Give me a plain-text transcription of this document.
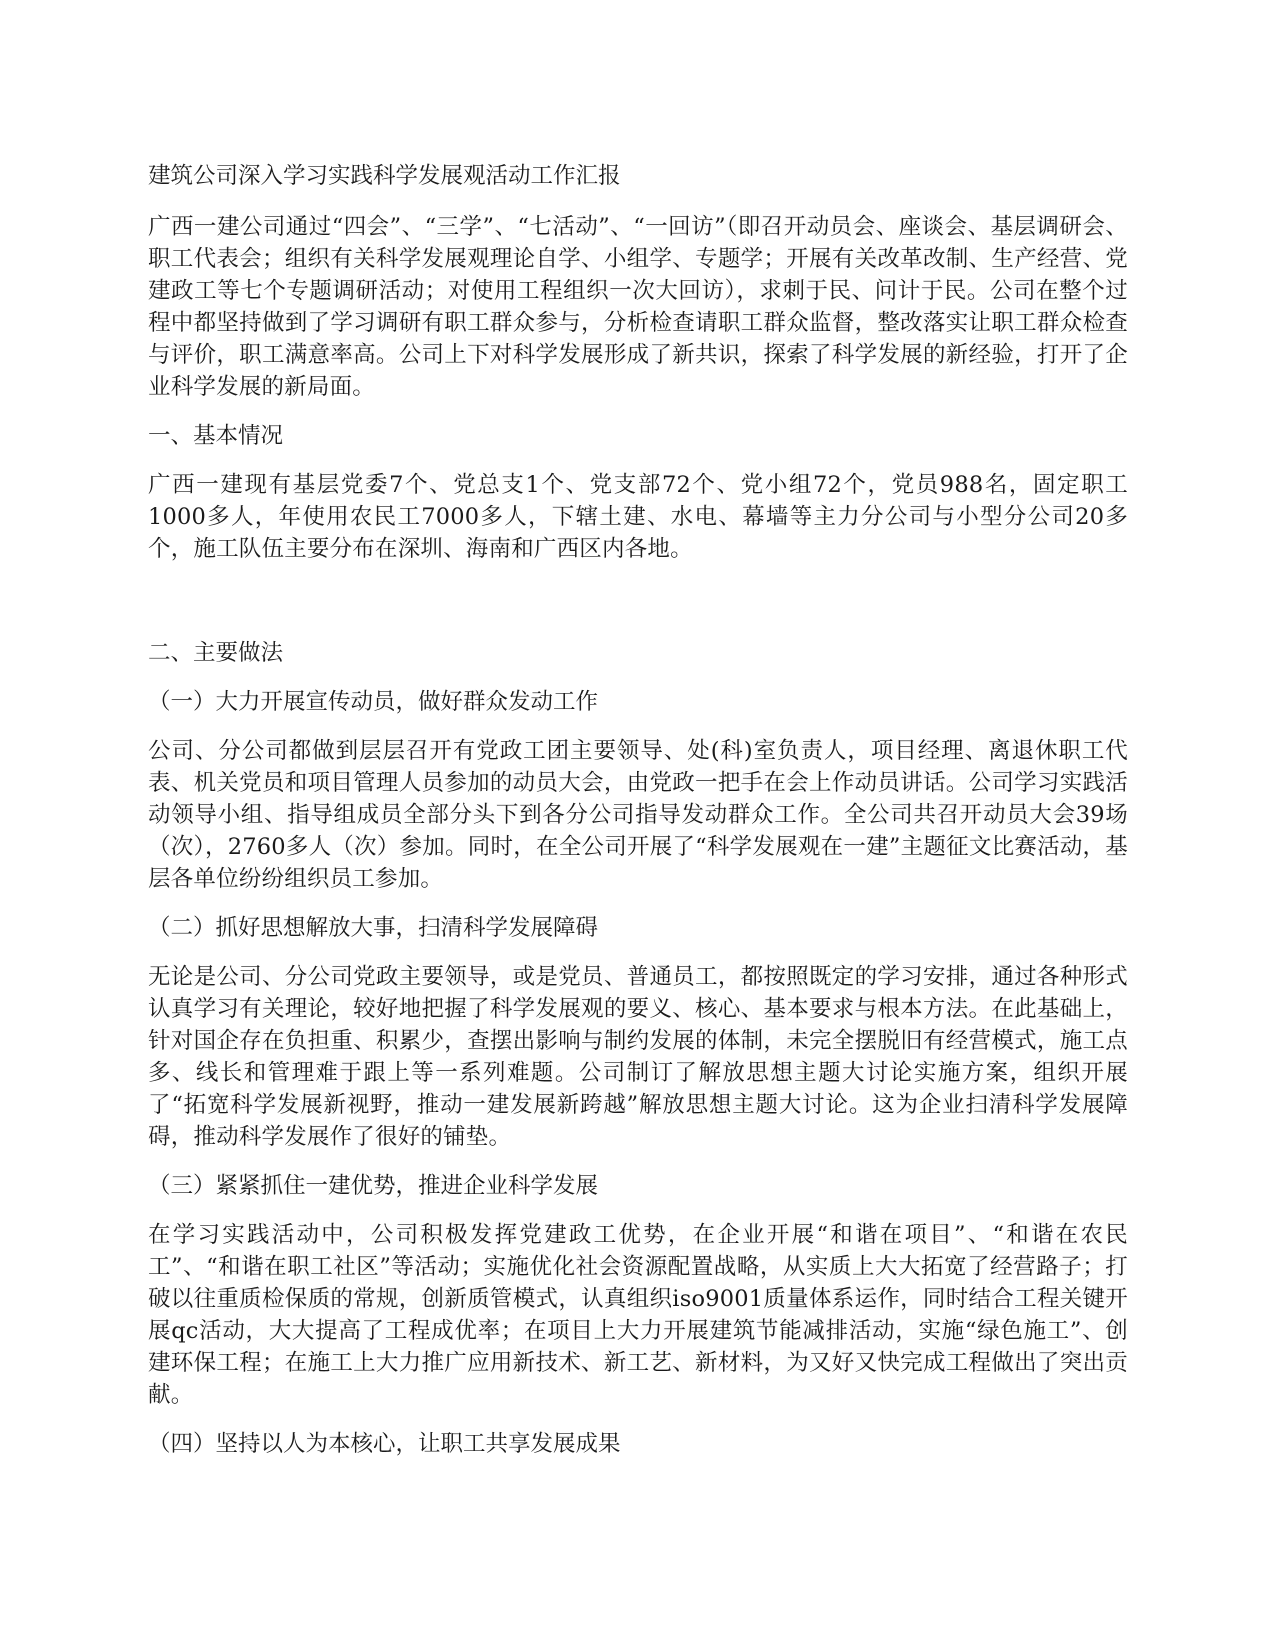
建筑公司深入学习实践科学发展观活动工作汇报

广西一建公司通过“四会”、“三学”、“七活动”、“一回访”（即召开动员会、座谈会、基层调研会、职工代表会；组织有关科学发展观理论自学、小组学、专题学；开展有关改革改制、生产经营、党建政工等七个专题调研活动；对使用工程组织一次大回访），求刺于民、问计于民。公司在整个过程中都坚持做到了学习调研有职工群众参与，分析检查请职工群众监督，整改落实让职工群众检查与评价，职工满意率高。公司上下对科学发展形成了新共识，探索了科学发展的新经验，打开了企业科学发展的新局面。

一、基本情况

广西一建现有基层党委7个、党总支1个、党支部72个、党小组72个，党员988名，固定职工1000多人，年使用农民工7000多人，下辖土建、水电、幕墙等主力分公司与小型分公司20多个，施工队伍主要分布在深圳、海南和广西区内各地。

二、主要做法
（一）大力开展宣传动员，做好群众发动工作

公司、分公司都做到层层召开有党政工团主要领导、处(科)室负责人，项目经理、离退休职工代表、机关党员和项目管理人员参加的动员大会，由党政一把手在会上作动员讲话。公司学习实践活动领导小组、指导组成员全部分头下到各分公司指导发动群众工作。全公司共召开动员大会39场（次），2760多人（次）参加。同时，在全公司开展了“科学发展观在一建”主题征文比赛活动，基层各单位纷纷组织员工参加。

（二）抓好思想解放大事，扫清科学发展障碍

无论是公司、分公司党政主要领导，或是党员、普通员工，都按照既定的学习安排，通过各种形式认真学习有关理论，较好地把握了科学发展观的要义、核心、基本要求与根本方法。在此基础上，针对国企存在负担重、积累少，查摆出影响与制约发展的体制，未完全摆脱旧有经营模式，施工点多、线长和管理难于跟上等一系列难题。公司制订了解放思想主题大讨论实施方案，组织开展了“拓宽科学发展新视野，推动一建发展新跨越”解放思想主题大讨论。这为企业扫清科学发展障碍，推动科学发展作了很好的铺垫。

（三）紧紧抓住一建优势，推进企业科学发展

在学习实践活动中，公司积极发挥党建政工优势，在企业开展“和谐在项目”、“和谐在农民工”、“和谐在职工社区”等活动；实施优化社会资源配置战略，从实质上大大拓宽了经营路子；打破以往重质检保质的常规，创新质管模式，认真组织iso9001质量体系运作，同时结合工程关键开展qc活动，大大提高了工程成优率；在项目上大力开展建筑节能减排活动，实施“绿色施工”、创建环保工程；在施工上大力推广应用新技术、新工艺、新材料，为又好又快完成工程做出了突出贡献。

（四）坚持以人为本核心，让职工共享发展成果
